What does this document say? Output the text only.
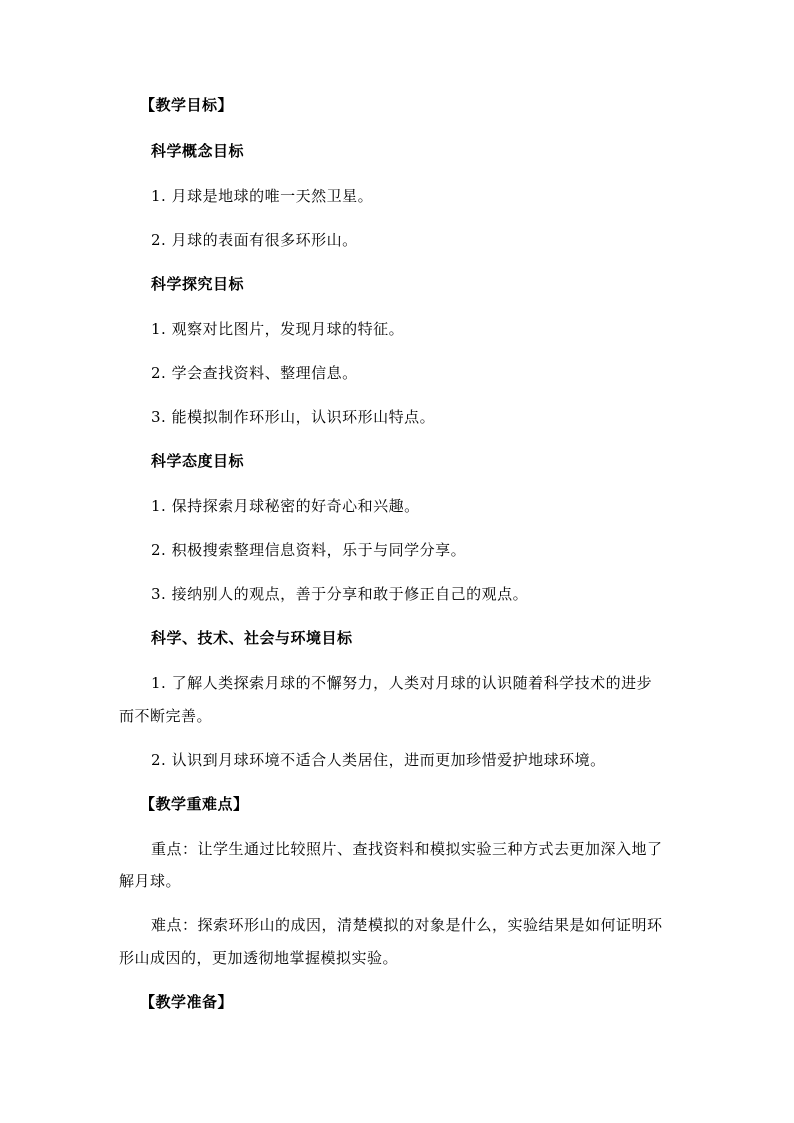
【教学目标】
科学概念目标
1. 月球是地球的唯一天然卫星。
2. 月球的表面有很多环形山。
科学探究目标
1. 观察对比图片，发现月球的特征。
2. 学会查找资料、整理信息。
3. 能模拟制作环形山，认识环形山特点。
科学态度目标
1. 保持探索月球秘密的好奇心和兴趣。
2. 积极搜索整理信息资料，乐于与同学分享。
3. 接纳别人的观点，善于分享和敢于修正自己的观点。
科学、技术、社会与环境目标
1. 了解人类探索月球的不懈努力，人类对月球的认识随着科学技术的进步
而不断完善。
2. 认识到月球环境不适合人类居住，进而更加珍惜爱护地球环境。
【教学重难点】
重点：让学生通过比较照片、查找资料和模拟实验三种方式去更加深入地了
解月球。
难点：探索环形山的成因，清楚模拟的对象是什么，实验结果是如何证明环
形山成因的，更加透彻地掌握模拟实验。
【教学准备】
